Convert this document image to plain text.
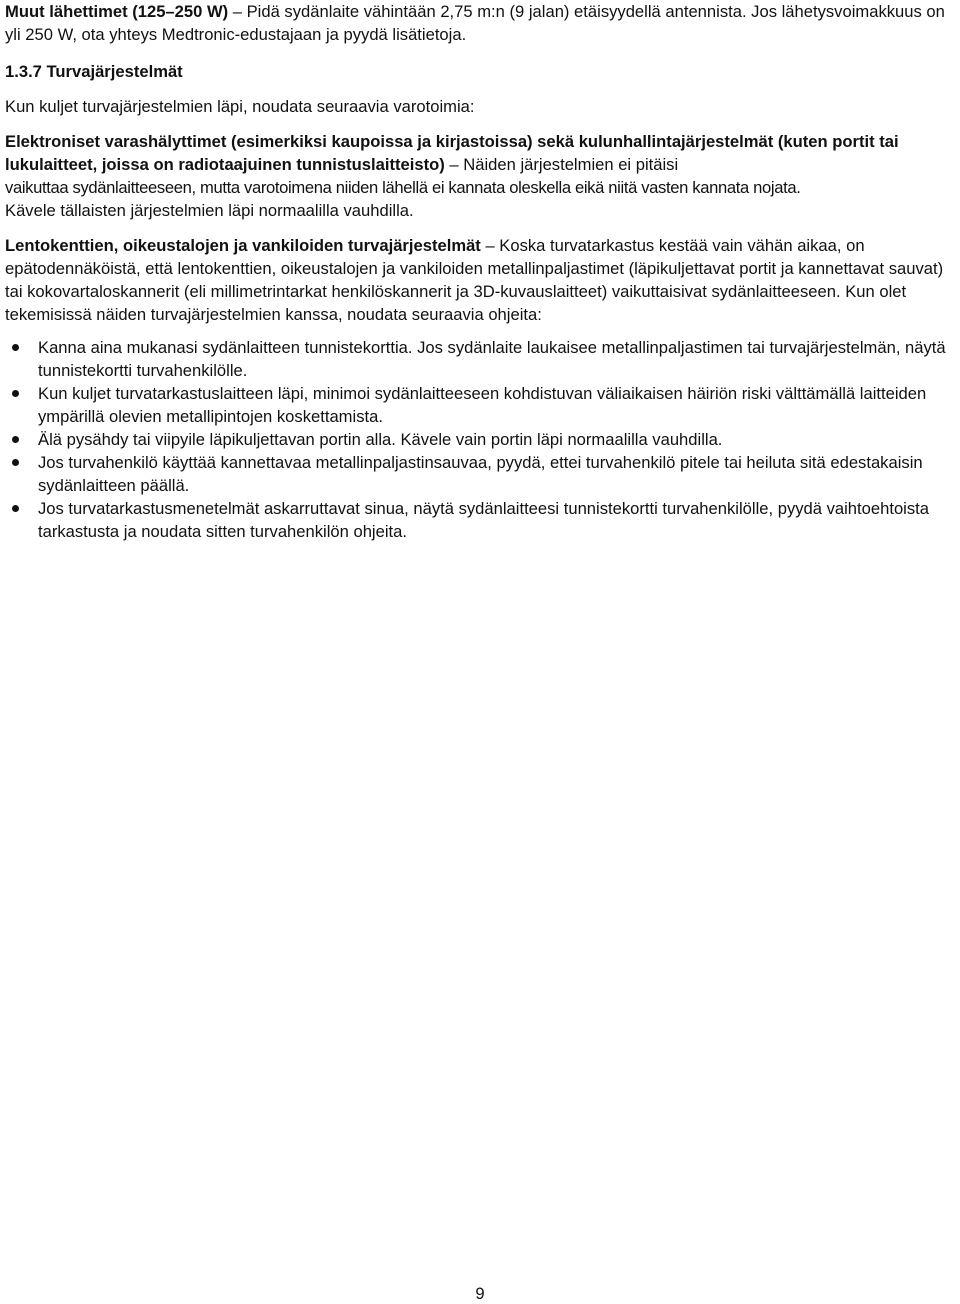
Muut lähettimet (125–250 W) – Pidä sydänlaite vähintään 2,75 m:n (9 jalan) etäisyydellä antennista. Jos lähetysvoimakkuus on yli 250 W, ota yhteys Medtronic-edustajaan ja pyydä lisätietoja.

1.3.7 Turvajärjestelmät

Kun kuljet turvajärjestelmien läpi, noudata seuraavia varotoimia:

Elektroniset varashälyttimet (esimerkiksi kaupoissa ja kirjastoissa) sekä kulunhallintajärjestelmät (kuten portit tai lukulaitteet, joissa on radiotaajuinen tunnistuslaitteisto) – Näiden järjestelmien ei pitäisi
vaikuttaa sydänlaitteeseen, mutta varotoimena niiden lähellä ei kannata oleskella eikä niitä vasten kannata nojata.
Kävele tällaisten järjestelmien läpi normaalilla vauhdilla.

Lentokenttien, oikeustalojen ja vankiloiden turvajärjestelmät – Koska turvatarkastus kestää vain vähän aikaa, on epätodennäköistä, että lentokenttien, oikeustalojen ja vankiloiden metallinpaljastimet (läpikuljettavat portit ja kannettavat sauvat) tai kokovartaloskannerit (eli millimetrintarkat henkilöskannerit ja 3D-kuvauslaitteet) vaikuttaisivat sydänlaitteeseen. Kun olet tekemisissä näiden turvajärjestelmien kanssa, noudata seuraavia ohjeita:

Kanna aina mukanasi sydänlaitteen tunnistekorttia. Jos sydänlaite laukaisee metallinpaljastimen tai turvajärjestelmän, näytä tunnistekortti turvahenkilölle.
Kun kuljet turvatarkastuslaitteen läpi, minimoi sydänlaitteeseen kohdistuvan väliaikaisen häiriön riski välttämällä laitteiden ympärillä olevien metallipintojen koskettamista.
Älä pysähdy tai viipyile läpikuljettavan portin alla. Kävele vain portin läpi normaalilla vauhdilla.
Jos turvahenkilö käyttää kannettavaa metallinpaljastinsauvaa, pyydä, ettei turvahenkilö pitele tai heiluta sitä edestakaisin sydänlaitteen päällä.
Jos turvatarkastusmenetelmät askarruttavat sinua, näytä sydänlaitteesi tunnistekortti turvahenkilölle, pyydä vaihtoehtoista tarkastusta ja noudata sitten turvahenkilön ohjeita.
9
